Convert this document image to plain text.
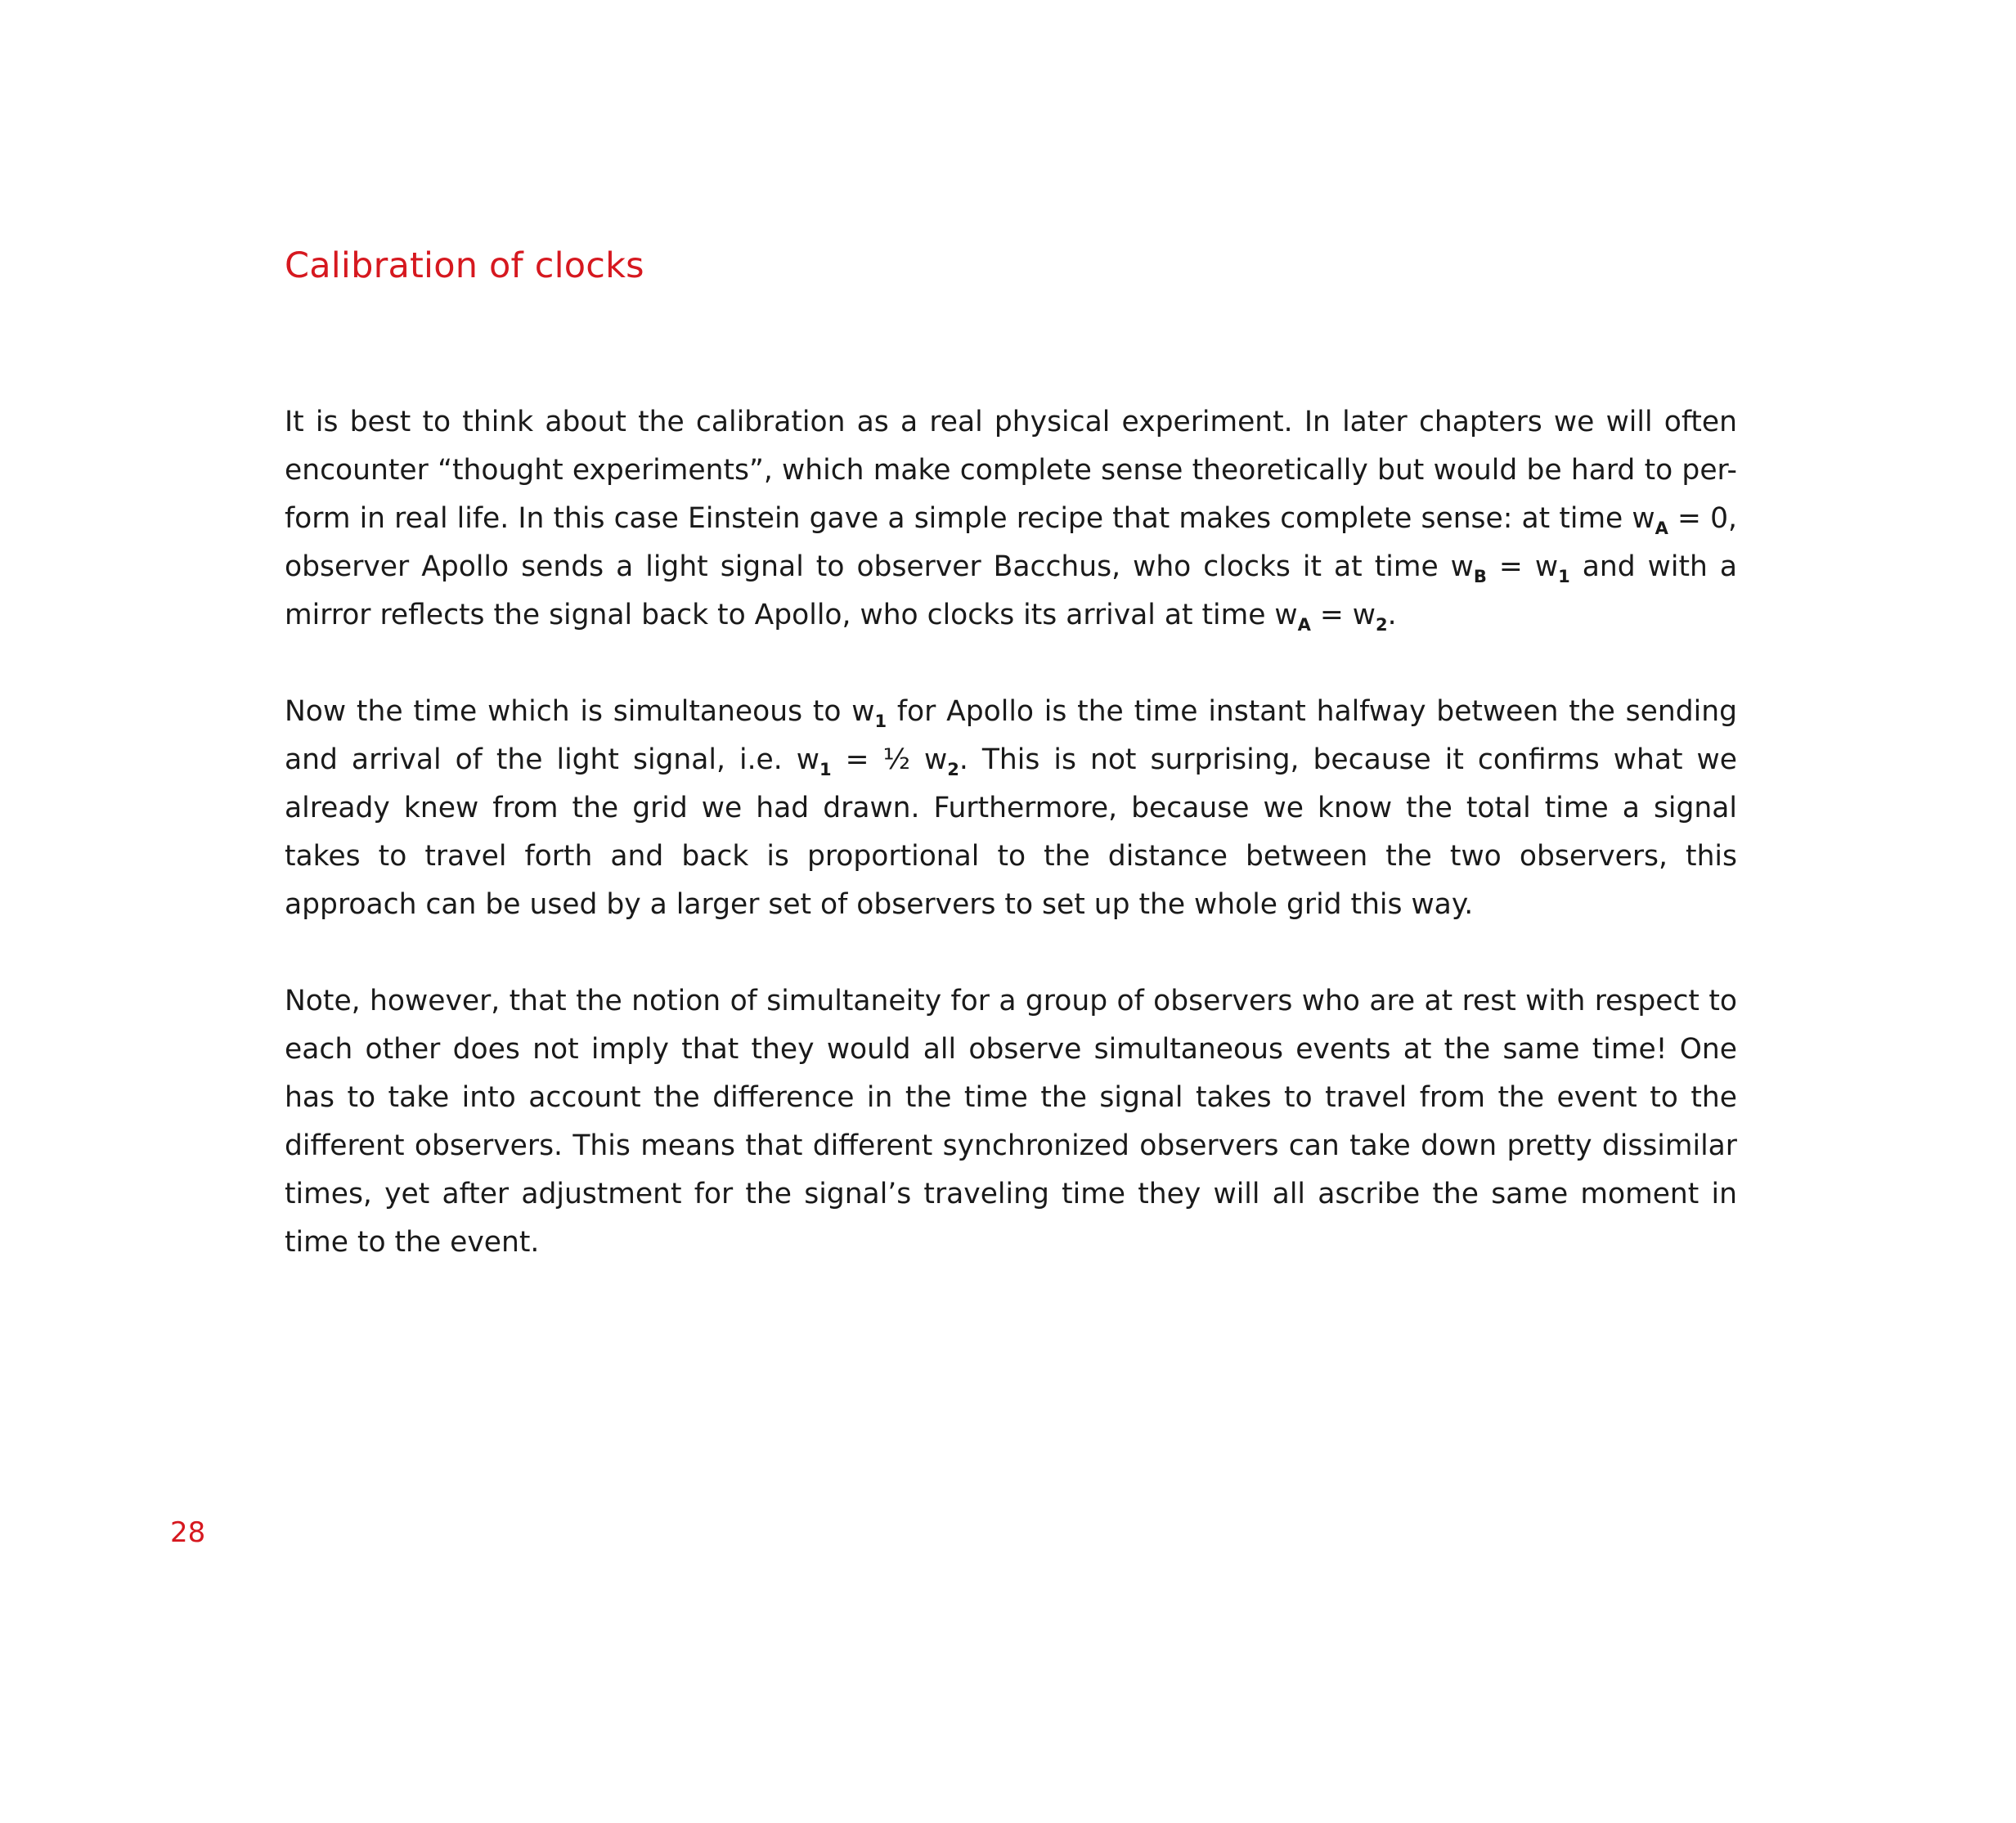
Calibration of clocks

It is best to think about the calibration as a real physical experiment. In later chapters we will often encounter “thought experiments”, which make complete sense theoretically but would be hard to per-form in real life. In this case Einstein gave a simple recipe that makes complete sense: at time $w_A = 0$, observer Apollo sends a light signal to observer Bacchus, who clocks it at time $w_B = w_1$ and with a mirror reflects the signal back to Apollo, who clocks its arrival at time $w_A = w_2$.

Now the time which is simultaneous to $w_1$ for Apollo is the time instant halfway between the sending and arrival of the light signal, i.e. $w_1$ = ½ $w_2$. This is not surprising, because it confirms what we already knew from the grid we had drawn. Furthermore, because we know the total time a signal takes to travel forth and back is proportional to the distance between the two observers, this approach can be used by a larger set of observers to set up the whole grid this way.

Note, however, that the notion of simultaneity for a group of observers who are at rest with respect to each other does not imply that they would all observe simultaneous events at the same time! One has to take into account the difference in the time the signal takes to travel from the event to the different observers. This means that different synchronized observers can take down pretty dissimilar times, yet after adjustment for the signal’s traveling time they will all ascribe the same moment in time to the event.

28
